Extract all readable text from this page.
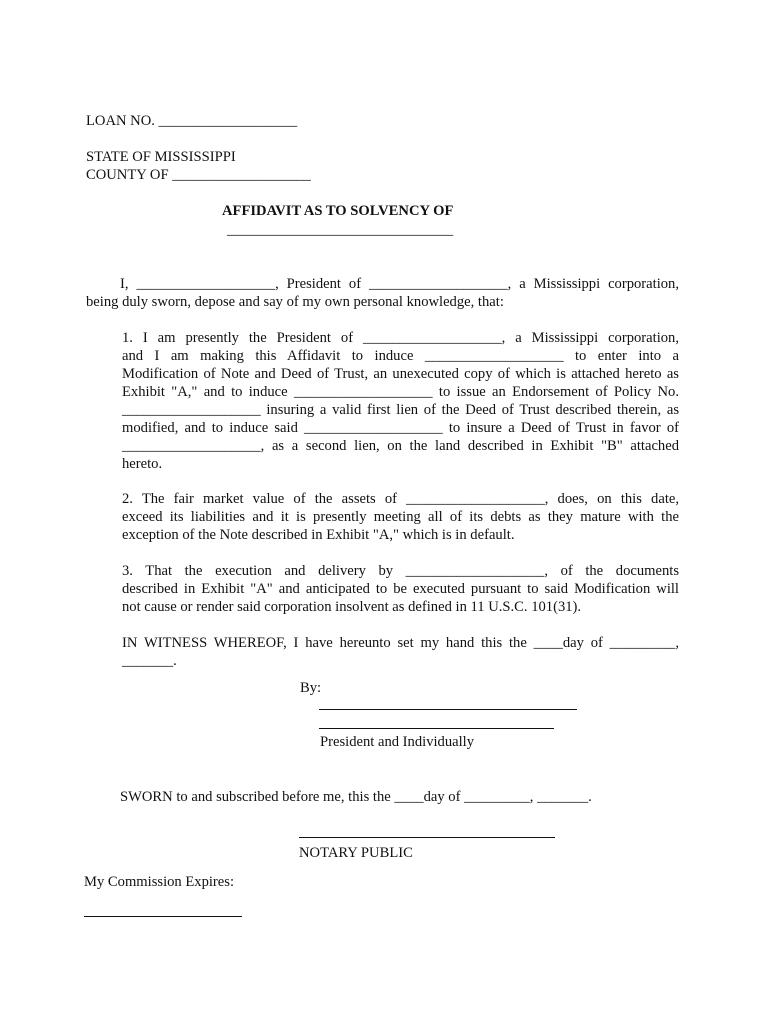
LOAN NO. ___________________
STATE OF MISSISSIPPI
COUNTY OF ___________________
AFFIDAVIT AS TO SOLVENCY OF
_______________________________
I, ___________________, President of ___________________, a Mississippi corporation,
being duly sworn, depose and say of my own personal knowledge, that:
1. I am presently the President of ___________________, a Mississippi corporation,
and I am making this Affidavit to induce ___________________ to enter into a
Modification of Note and Deed of Trust, an unexecuted copy of which is attached hereto as
Exhibit "A," and to induce ___________________ to issue an Endorsement of Policy No.
___________________ insuring a valid first lien of the Deed of Trust described therein, as
modified, and to induce said ___________________ to insure a Deed of Trust in favor of
___________________, as a second lien, on the land described in Exhibit "B" attached
hereto.
2. The fair market value of the assets of ___________________, does, on this date,
exceed its liabilities and it is presently meeting all of its debts as they mature with the
exception of the Note described in Exhibit "A," which is in default.
3. That the execution and delivery by ___________________, of the documents
described in Exhibit "A" and anticipated to be executed pursuant to said Modification will
not cause or render said corporation insolvent as defined in 11 U.S.C. 101(31).
IN WITNESS WHEREOF, I have hereunto set my hand this the ____day of _________,
_______.
By:
President and Individually
SWORN to and subscribed before me, this the ____day of _________, _______.
NOTARY PUBLIC
My Commission Expires:
